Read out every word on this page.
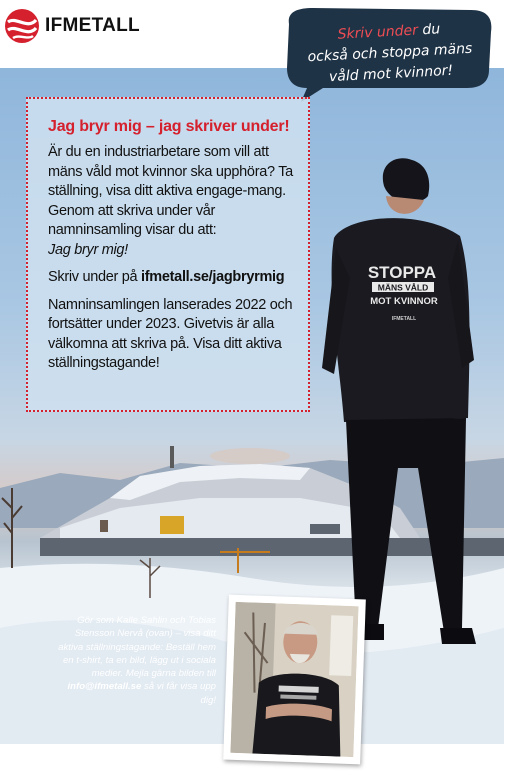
IFMETALL
STOPPA
MÄNS VÅLD
MOT KVINNOR
IFMETALL
Skriv under du
också och stoppa mäns
våld mot kvinnor!
Jag bryr mig – jag skriver under!

Är du en industriarbetare som vill att mäns våld mot kvinnor ska upphöra? Ta ställning, visa ditt aktiva engage-mang. Genom att skriva under vår namninsamling visar du att:
Jag bryr mig!

Skriv under på ifmetall.se/jagbryrmig

Namninsamlingen lanserades 2022 och fortsätter under 2023. Givetvis är alla välkomna att skriva på. Visa ditt aktiva ställningstagande!

Gör som Kalle Sahlin och Tobias Stensson Nervå (ovan) – visa ditt aktiva ställningstagande: Beställ hem en t-shirt, ta en bild, lägg ut i sociala medier. Mejla gärna bilden till info@ifmetall.se så vi får visa upp dig!
